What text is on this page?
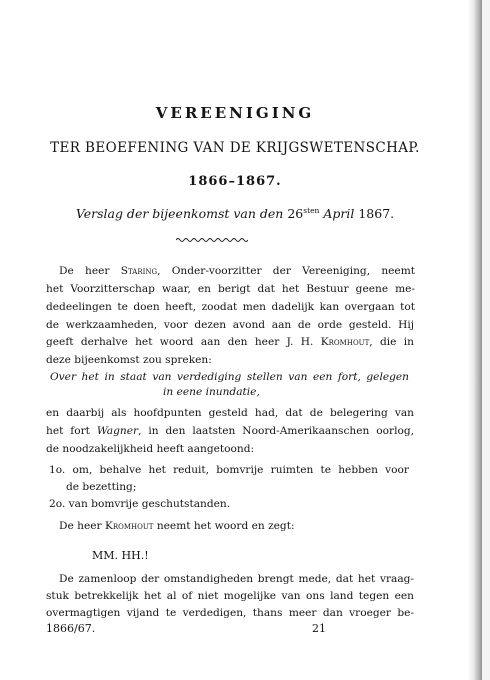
VEREENIGING
TER BEOEFENING VAN DE KRIJGSWETENSCHAP.
1866–1867.
Verslag der bijeenkomst van den $26^{sten}$ April 1867.
De heer Staring, Onder-voorzitter der Vereeniging, neemt
het Voorzitterschap waar, en berigt dat het Bestuur geene me-
dedeelingen te doen heeft, zoodat men dadelijk kan overgaan tot
de werkzaamheden, voor dezen avond aan de orde gesteld. Hij
geeft derhalve het woord aan den heer J. H. Kromhout, die in
deze bijeenkomst zou spreken:
Over het in staat van verdediging stellen van een fort, gelegen
in eene inundatie,
en daarbij als hoofdpunten gesteld had, dat de belegering van
het fort Wagner, in den laatsten Noord-Amerikaanschen oorlog,
de noodzakelijkheid heeft aangetoond:
1o. om, behalve het reduit, bomvrije ruimten te hebben voor
de bezetting;
2o. van bomvrije geschutstanden.
De heer Kromhout neemt het woord en zegt:
MM. HH.!
De zamenloop der omstandigheden brengt mede, dat het vraag-
stuk betrekkelijk het al of niet mogelijke van ons land tegen een
overmagtigen vijand te verdedigen, thans meer dan vroeger be-
1866/67.	21
